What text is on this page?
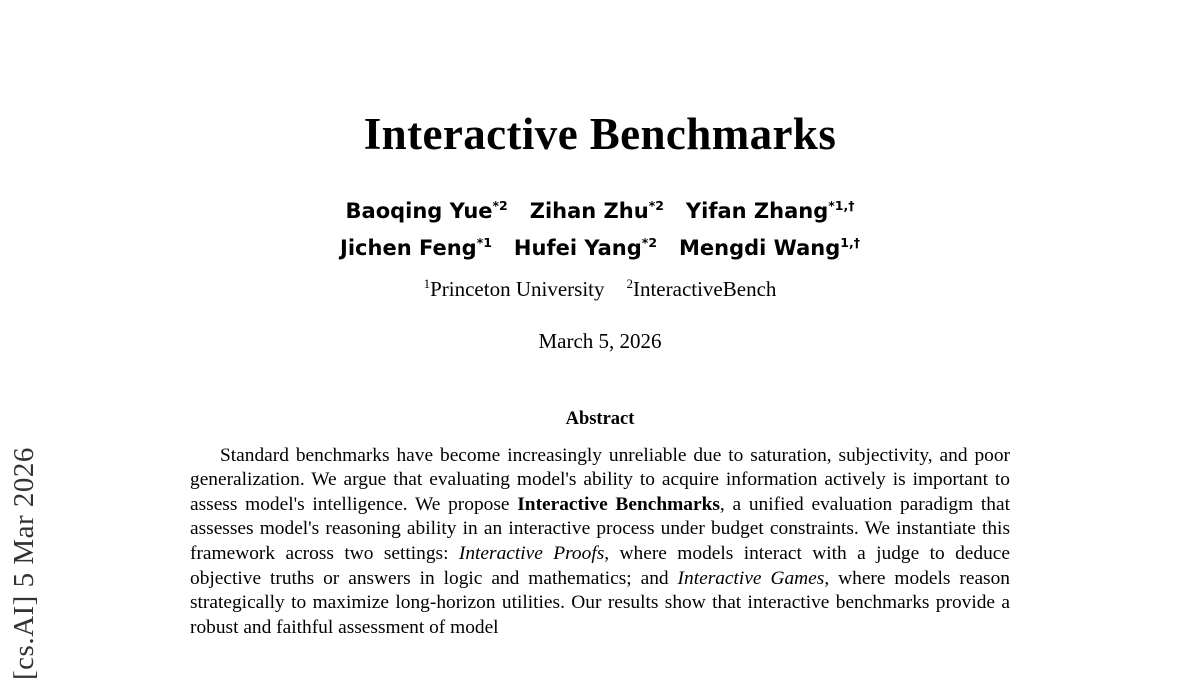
[cs.AI] 5 Mar 2026
Interactive Benchmarks
Baoqing Yue$^{*2}$ Zihan Zhu$^{*2}$ Yifan Zhang$^{*1,\dagger}$
Jichen Feng$^{*1}$ Hufei Yang$^{*2}$ Mengdi Wang$^{1,\dagger}$
$^1$Princeton University $^2$InteractiveBench
March 5, 2026
Abstract
Standard benchmarks have become increasingly unreliable due to saturation, subjectivity, and poor generalization. We argue that evaluating model's ability to acquire information actively is important to assess model's intelligence. We propose Interactive Benchmarks, a unified evaluation paradigm that assesses model's reasoning ability in an interactive process under budget constraints. We instantiate this framework across two settings: Interactive Proofs, where models interact with a judge to deduce objective truths or answers in logic and mathematics; and Interactive Games, where models reason strategically to maximize long-horizon utilities. Our results show that interactive benchmarks provide a robust and faithful assessment of model
